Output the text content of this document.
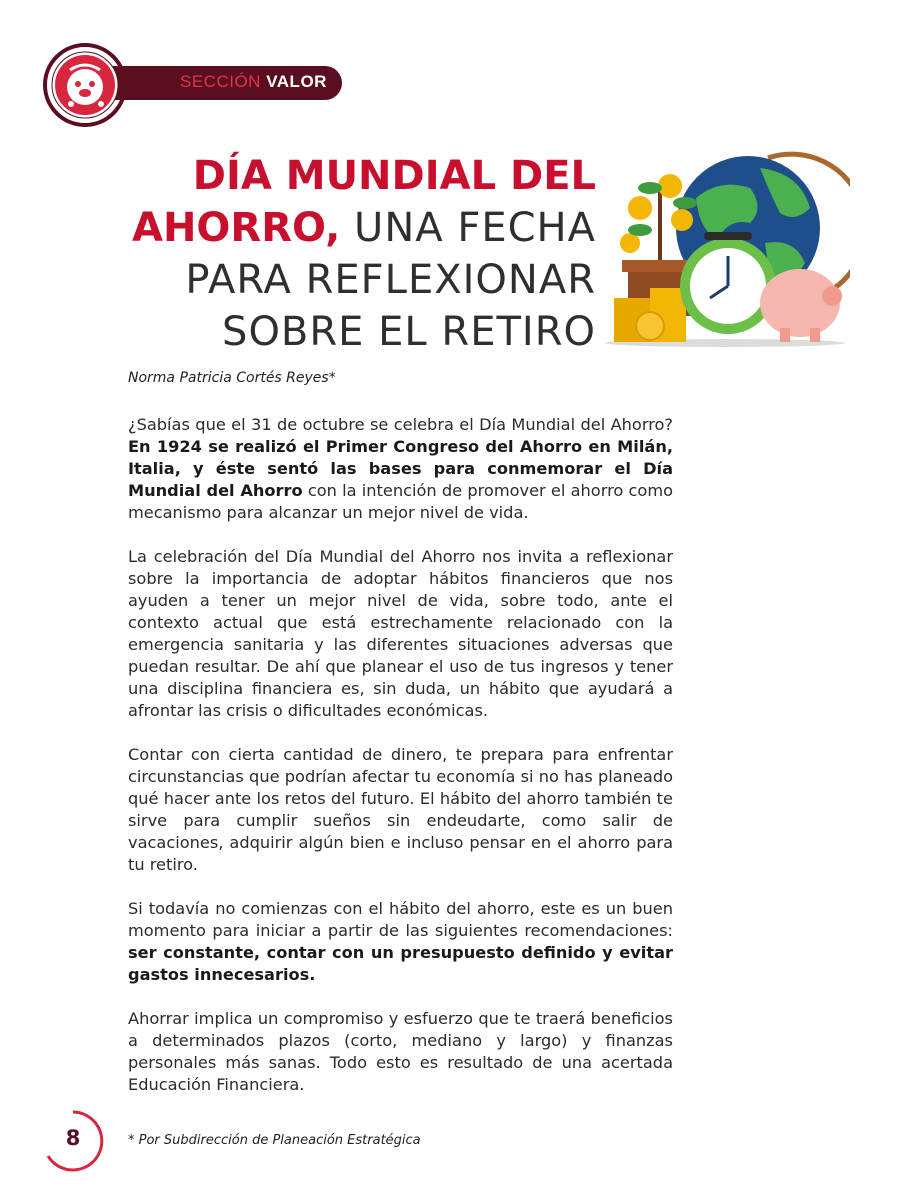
SECCIÓN VALOR
DÍA MUNDIAL DEL
AHORRO, UNA FECHA
PARA REFLEXIONAR
SOBRE EL RETIRO
Norma Patricia Cortés Reyes*

¿Sabías que el 31 de octubre se celebra el Día Mundial del Ahorro? En 1924 se realizó el Primer Congreso del Ahorro en Milán, Italia, y éste sentó las bases para conmemorar el Día Mundial del Ahorro con la intención de promover el ahorro como mecanismo para alcanzar un mejor nivel de vida.

La celebración del Día Mundial del Ahorro nos invita a reflexionar sobre la importancia de adoptar hábitos financieros que nos ayuden a tener un mejor nivel de vida, sobre todo, ante el contexto actual que está estrechamente relacionado con la emergencia sanitaria y las diferentes situaciones adversas que puedan resultar. De ahí que planear el uso de tus ingresos y tener una disciplina financiera es, sin duda, un hábito que ayudará a afrontar las crisis o dificultades económicas.

Contar con cierta cantidad de dinero, te prepara para enfrentar circunstancias que podrían afectar tu economía si no has planeado qué hacer ante los retos del futuro. El hábito del ahorro también te sirve para cumplir sueños sin endeudarte, como salir de vacaciones, adquirir algún bien e incluso pensar en el ahorro para tu retiro.

Si todavía no comienzas con el hábito del ahorro, este es un buen momento para iniciar a partir de las siguientes recomendaciones: ser constante, contar con un presupuesto definido y evitar gastos innecesarios.

Ahorrar implica un compromiso y esfuerzo que te traerá beneficios a determinados plazos (corto, mediano y largo) y finanzas personales más sanas. Todo esto es resultado de una acertada Educación Financiera.

8	* Por Subdirección de Planeación Estratégica
